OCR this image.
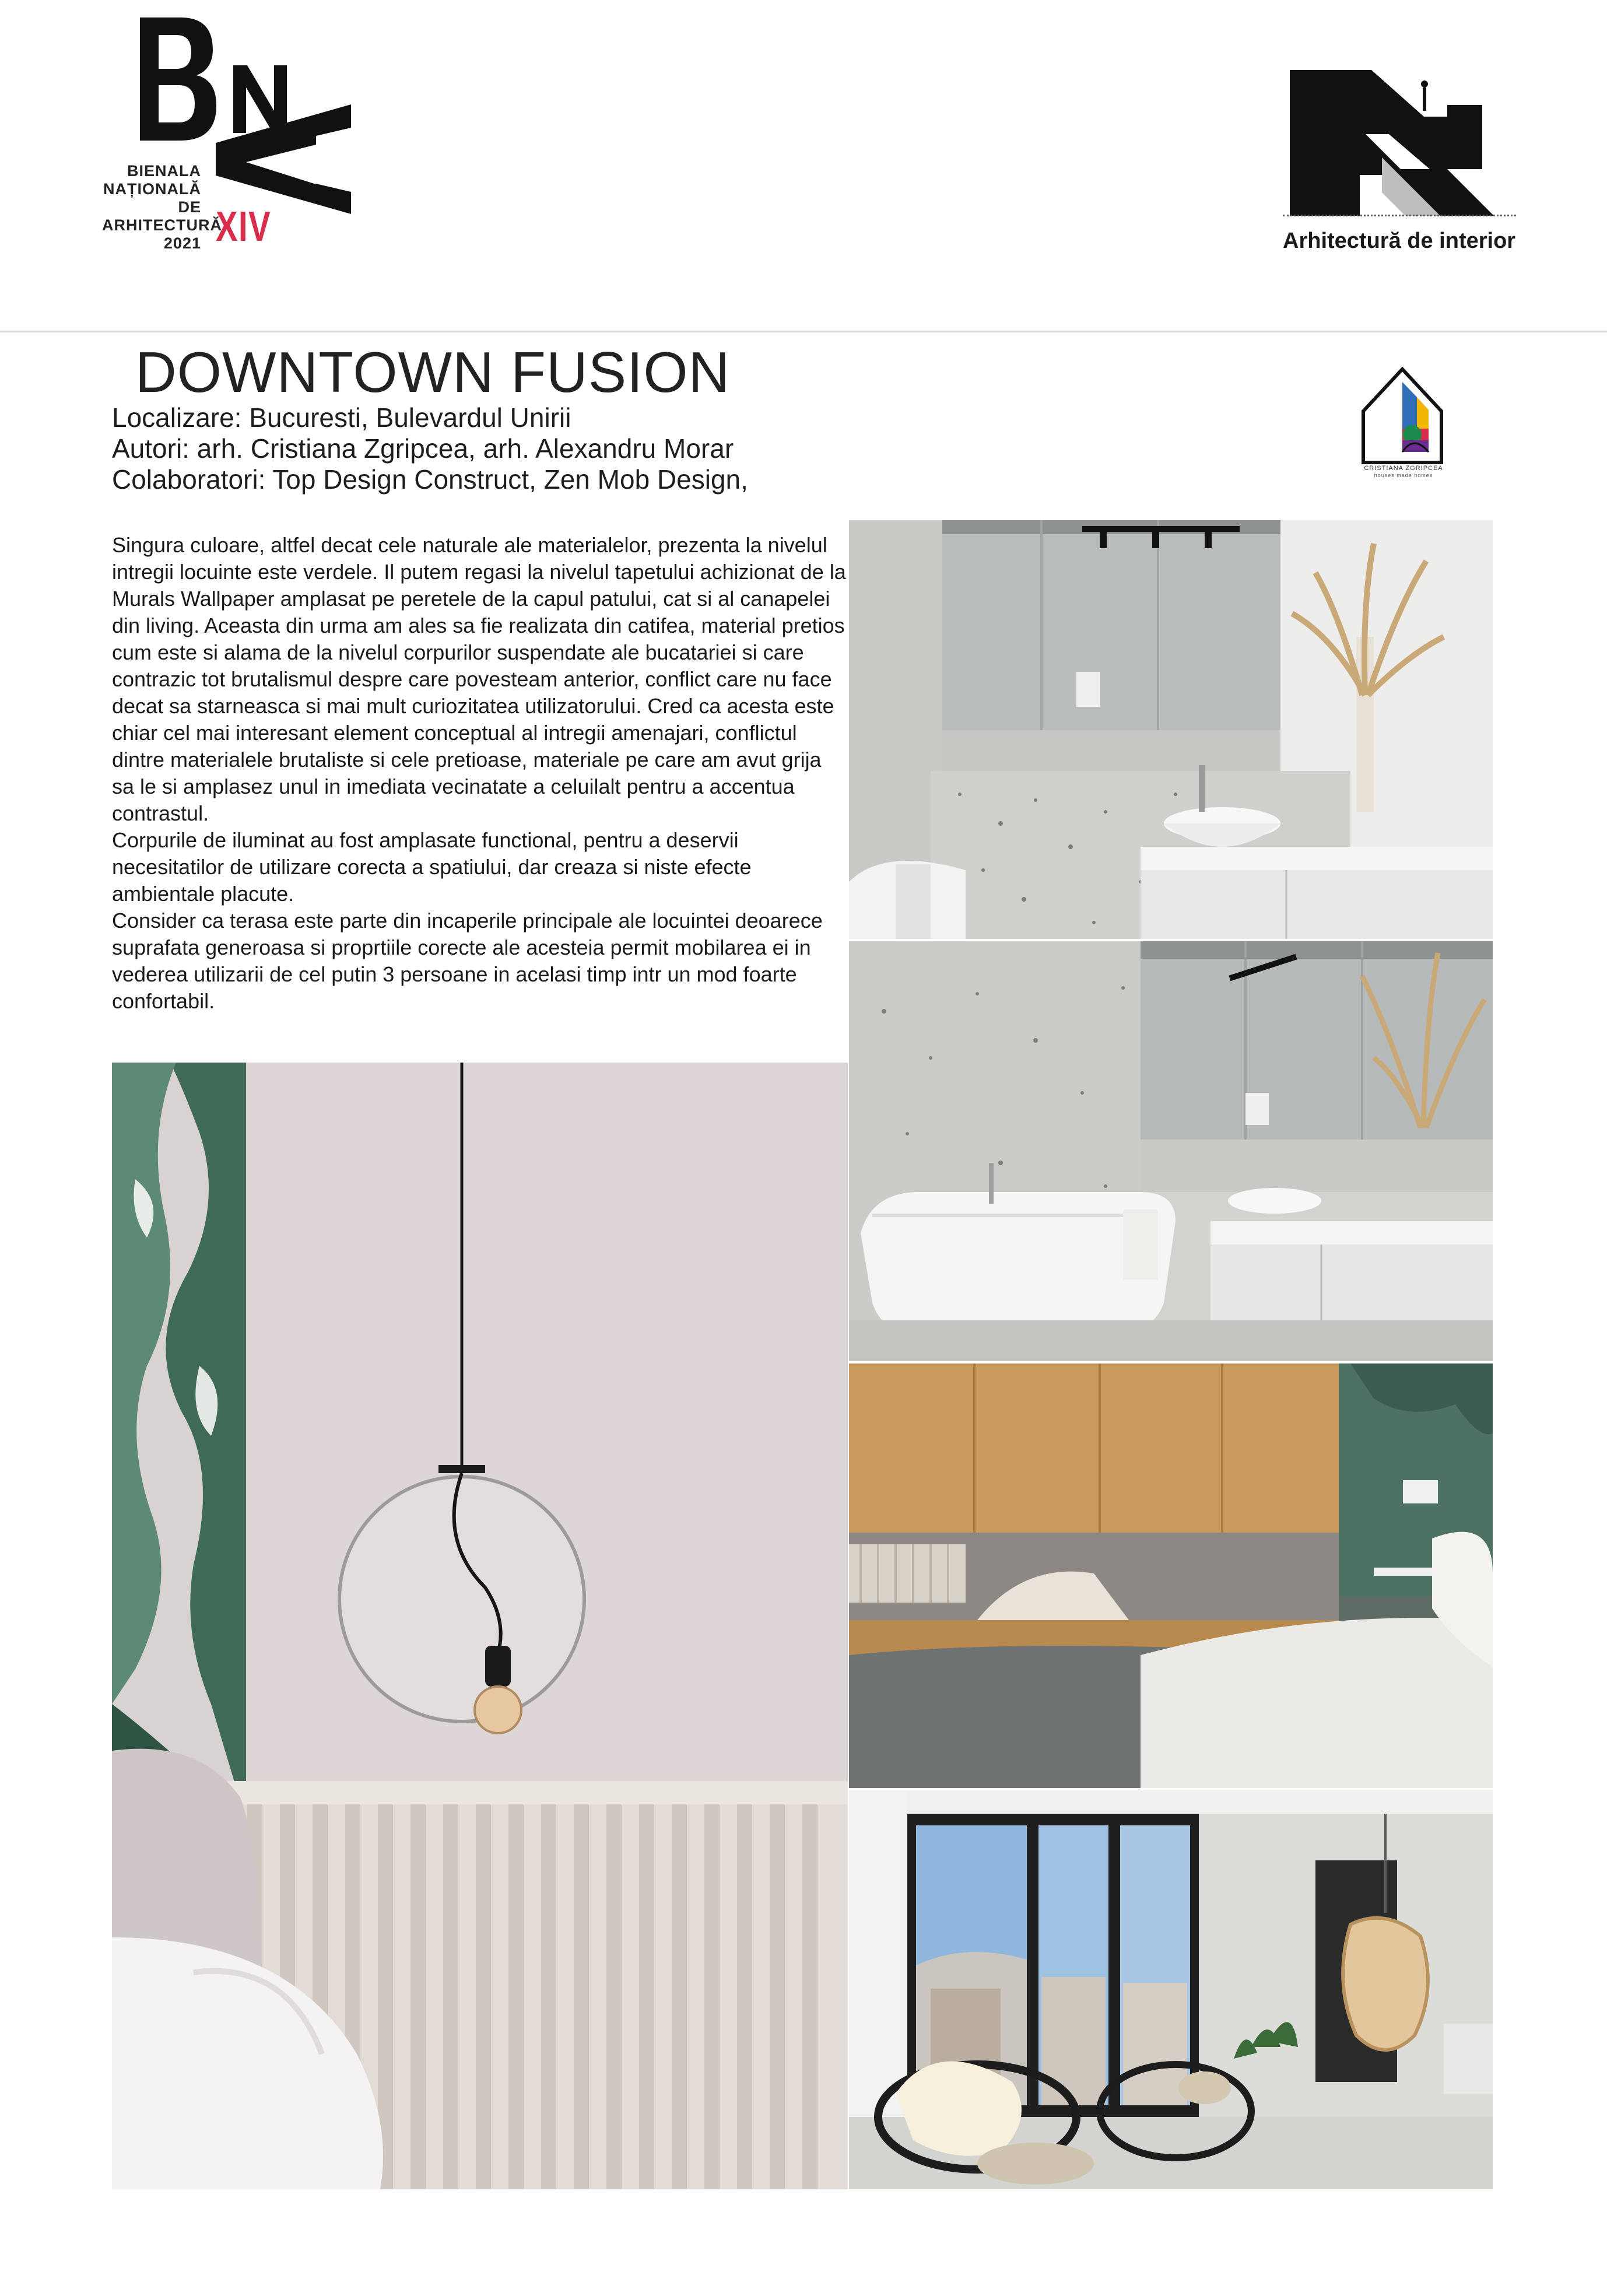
BIENALA
NAȚIONALĂ
DE
ARHITECTURĂ
2021 XIV	Arhitectură de interior
DOWNTOWN FUSION
Localizare: Bucuresti, Bulevardul Unirii
Autori: arh. Cristiana Zgripcea, arh. Alexandru Morar
Colaboratori: Top Design Construct, Zen Mob Design,	CRISTIANA ZGRIPCEA
houses made homes

Singura culoare, altfel decat cele naturale ale materialelor, prezenta la nivelul intregii locuinte este verdele. Il putem regasi la nivelul tapetului achizionat de la Murals Wallpaper amplasat pe peretele de la capul patului, cat si al canapelei din living. Aceasta din urma am ales sa fie realizata din catifea, material pretios cum este si alama de la nivelul corpurilor suspendate ale bucatariei si care contrazic tot brutalismul despre care povesteam anterior, conflict care nu face decat sa starneasca si mai mult curiozitatea utilizatorului. Cred ca acesta este chiar cel mai interesant element conceptual al intregii amenajari, conflictul dintre materialele brutaliste si cele pretioase, materiale pe care am avut grija sa le si amplasez unul in imediata vecinatate a celuilalt pentru a accentua contrastul.

Corpurile de iluminat au fost amplasate functional, pentru a deservii necesitatilor de utilizare corecta a spatiului, dar creaza si niste efecte ambientale placute.

Consider ca terasa este parte din incaperile principale ale locuintei deoarece suprafata generoasa si proprtiile corecte ale acesteia permit mobilarea ei in vederea utilizarii de cel putin 3 persoane in acelasi timp intr un mod foarte confortabil.
